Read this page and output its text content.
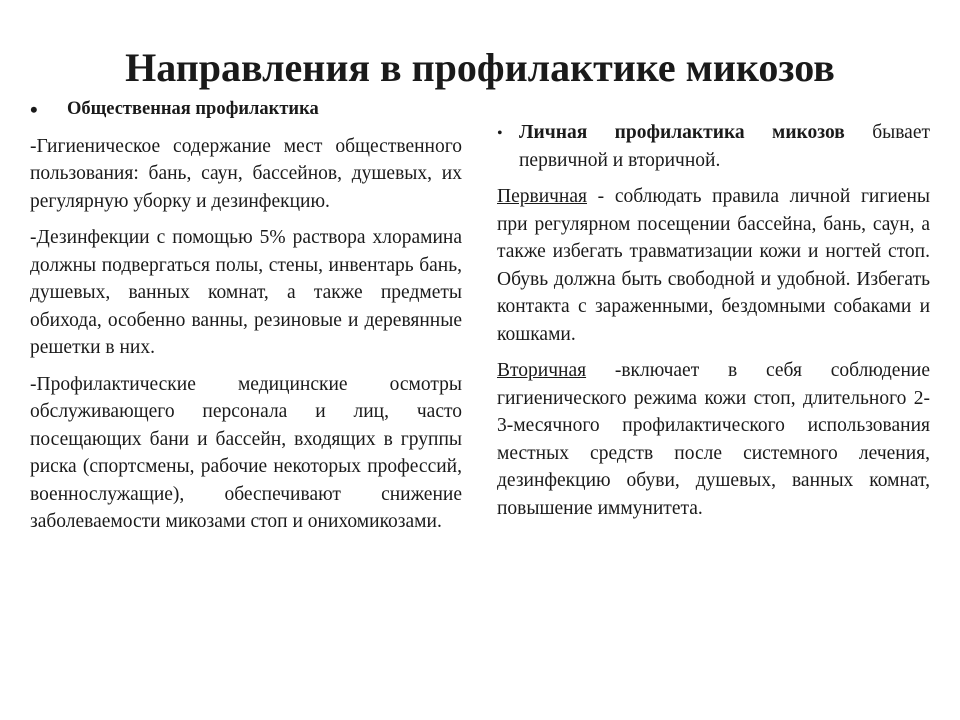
Направления в профилактике микозов
• Общественная профилактика

-Гигиеническое содержание мест общественного пользования: бань, саун, бассейнов, душевых, их регулярную уборку и дезинфекцию.

-Дезинфекции с помощью 5% раствора хлорамина должны подвергаться полы, стены, инвентарь бань, душевых, ванных комнат, а также предметы обихода, особенно ванны, резиновые и деревянные решетки в них.

-Профилактические медицинские осмотры обслуживающего персонала и лиц, часто посещающих бани и бассейн, входящих в группы риска (спортсмены, рабочие некоторых профессий, военнослужащие), обеспечивают снижение заболеваемости микозами стоп и онихомикозами.

• Личная профилактика микозов бывает первичной и вторичной.

Первичная - соблюдать правила личной гигиены при регулярном посещении бассейна, бань, саун, а также избегать травматизации кожи и ногтей стоп. Обувь должна быть свободной и удобной. Избегать контакта с зараженными, бездомными собаками и кошками.

Вторичная -включает в себя соблюдение гигиенического режима кожи стоп, длительного 2-3-месячного профилактического использования местных средств после системного лечения, дезинфекцию обуви, душевых, ванных комнат, повышение иммунитета.
